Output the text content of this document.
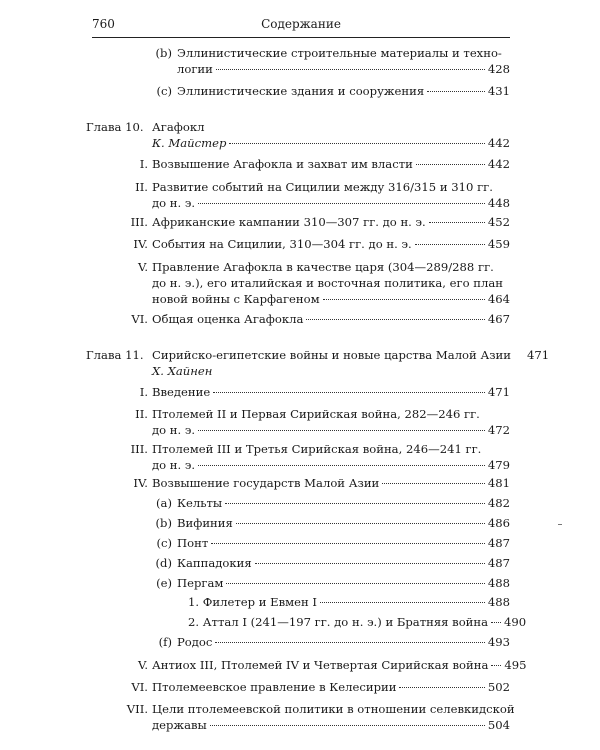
760	Содержание
(b) Эллинистические строительные материалы и техно-
логии	428
(c) Эллинистические здания и сооружения	431
Глава 10. Агафокл
К. Майстер	442
I. Возвышение Агафокла и захват им власти	442
II. Развитие событий на Сицилии между 316/315 и 310 гг.
до н. э.	448
III. Африканские кампании 310—307 гг. до н. э.	452
IV. События на Сицилии, 310—304 гг. до н. э.	459
V. Правление Агафокла в качестве царя (304—289/288 гг.
до н. э.), его италийская и восточная политика, его план
новой войны с Карфагеном	464
VI. Общая оценка Агафокла	467
Глава 11. Сирийско-египетские войны и новые царства Малой Азии 471
Х. Хайнен
I. Введение	471
II. Птолемей II и Первая Сирийская война, 282—246 гг.
до н. э.	472
III. Птолемей III и Третья Сирийская война, 246—241 гг.
до н. э.	479
IV. Возвышение государств Малой Азии	481
(a) Кельты	482
(b) Вифиния	486
(c) Понт	487
(d) Каппадокия	487
(e) Пергам	488
1. Филетер и Евмен I	488
2. Аттал I (241—197 гг. до н. э.) и Братняя война 490
(f) Родос	493
V. Антиох III, Птолемей IV и Четвертая Сирийская война 495
VI. Птолемеевское правление в Келесирии	502
VII. Цели птолемеевской политики в отношении селевкидской
державы	504
